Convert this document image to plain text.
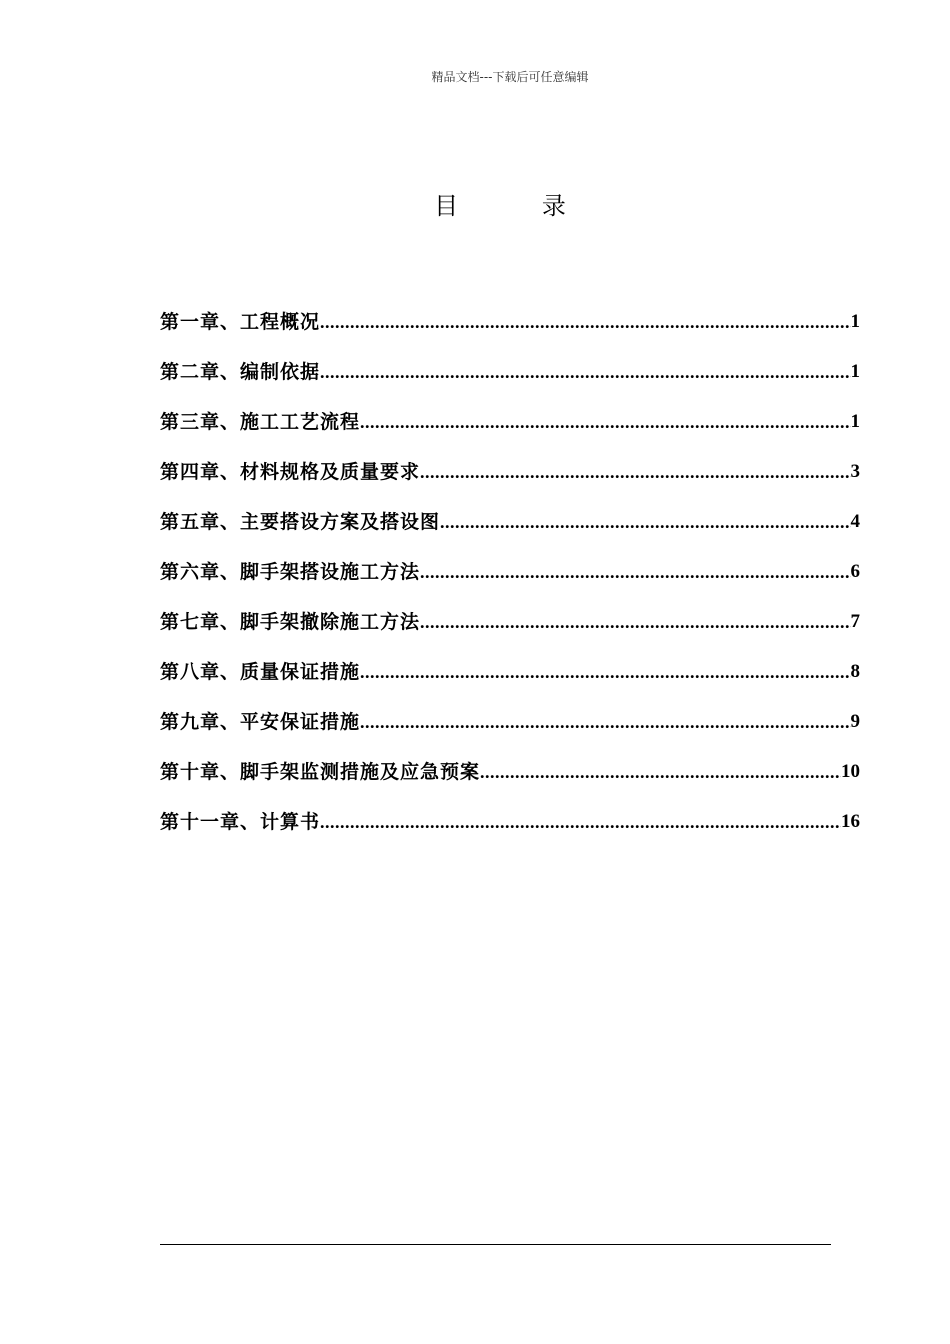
精品文档---下载后可任意编辑
目	录
第一章、工程概况 .....	1
第二章、编制依据 .....	1
第三章、施工工艺流程 .....	1
第四章、材料规格及质量要求 .....	3
第五章、主要搭设方案及搭设图 .....	4
第六章、脚手架搭设施工方法 .....	6
第七章、脚手架撤除施工方法 .....	7
第八章、质量保证措施 .....	8
第九章、平安保证措施 .....	9
第十章、脚手架监测措施及应急预案 .....	10
第十一章、计算书 .....	16
